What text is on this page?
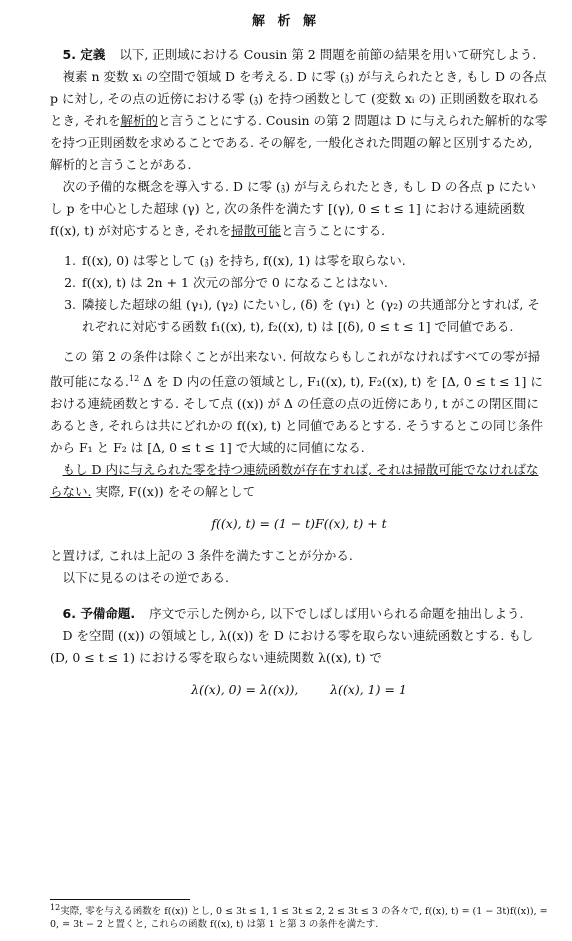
解 析 解

5. 定義 以下, 正則域における Cousin 第 2 問題を前節の結果を用いて研究しよう.

複素 n 変数 xᵢ の空間で領域 D を考える. D に零 (𝔷) が与えられたとき, もし D の各点 p に対し, その点の近傍における零 (𝔷) を持つ函数として (変数 xᵢ の) 正則函数を取れるとき, それを解析的と言うことにする. Cousin の第 2 問題は D に与えられた解析的な零を持つ正則函数を求めることである. その解を, 一般化された問題の解と区別するため, 解析的と言うことがある.

次の予備的な概念を導入する. D に零 (𝔷) が与えられたとき, もし D の各点 p にたいし p を中心とした超球 (γ) と, 次の条件を満たす [(γ), 0 ≤ t ≤ 1] における連続函数 f((x), t) が対応するとき, それを掃散可能と言うことにする.

1. f((x), 0) は零として (𝔷) を持ち, f((x), 1) は零を取らない.
2. f((x), t) は 2n + 1 次元の部分で 0 になることはない.
3. 隣接した超球の組 (γ₁), (γ₂) にたいし, (δ) を (γ₁) と (γ₂) の共通部分とすれば, それぞれに対応する函数 f₁((x), t), f₂((x), t) は [(δ), 0 ≤ t ≤ 1] で同値である.

この 第 2 の条件は除くことが出来ない. 何故ならもしこれがなければすべての零が掃散可能になる.$^{12}$ Δ を D 内の任意の領域とし, F₁((x), t), F₂((x), t) を [Δ, 0 ≤ t ≤ 1] における連続函数とする. そして点 ((x)) が Δ の任意の点の近傍にあり, t がこの閉区間にあるとき, それらは共にどれかの f((x), t) と同値であるとする. そうするとこの同じ条件から F₁ と F₂ は [Δ, 0 ≤ t ≤ 1] で大域的に同値になる.

もし D 内に与えられた零を持つ連続函数が存在すれば, それは掃散可能でなければならない. 実際, F((x)) をその解として

f((x), t) = (1 − t)F((x), t) + t

と置けば, これは上記の 3 条件を満たすことが分かる.

以下に見るのはその逆である.

6. 予備命題. 序文で示した例から, 以下でしばしば用いられる命題を抽出しよう.

D を空間 ((x)) の領域とし, λ((x)) を D における零を取らない連続函数とする. もし (D, 0 ≤ t ≤ 1) における零を取らない連続関数 λ((x), t) で

λ((x), 0) = λ((x)),        λ((x), 1) = 1
$^{12}$実際, 零を与える函数を f((x)) とし, 0 ≤ 3t ≤ 1, 1 ≤ 3t ≤ 2, 2 ≤ 3t ≤ 3 の各々で, f((x), t) = (1 − 3t)f((x)), = 0, = 3t − 2 と置くと, これらの函数 f((x), t) は第 1 と第 3 の条件を満たす.
